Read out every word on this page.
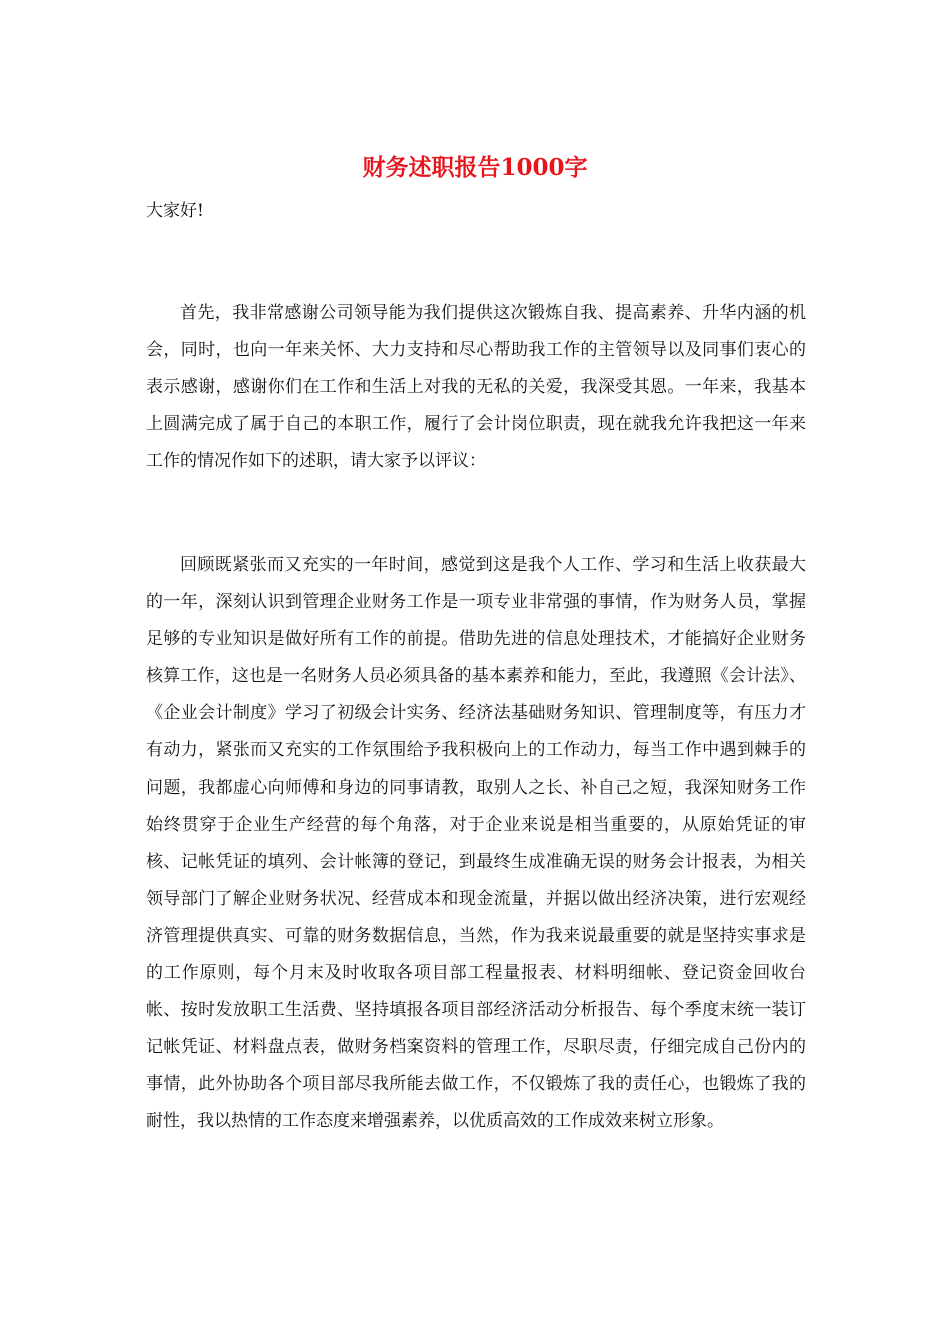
财务述职报告1000字

大家好!

首先，我非常感谢公司领导能为我们提供这次锻炼自我、提高素养、升华内涵的机会，同时，也向一年来关怀、大力支持和尽心帮助我工作的主管领导以及同事们衷心的表示感谢，感谢你们在工作和生活上对我的无私的关爱，我深受其恩。一年来，我基本上圆满完成了属于自己的本职工作，履行了会计岗位职责，现在就我允许我把这一年来工作的情况作如下的述职，请大家予以评议：

回顾既紧张而又充实的一年时间，感觉到这是我个人工作、学习和生活上收获最大的一年，深刻认识到管理企业财务工作是一项专业非常强的事情，作为财务人员，掌握足够的专业知识是做好所有工作的前提。借助先进的信息处理技术，才能搞好企业财务核算工作，这也是一名财务人员必须具备的基本素养和能力，至此，我遵照《会计法》、《企业会计制度》学习了初级会计实务、经济法基础财务知识、管理制度等，有压力才有动力，紧张而又充实的工作氛围给予我积极向上的工作动力，每当工作中遇到棘手的问题，我都虚心向师傅和身边的同事请教，取别人之长、补自己之短，我深知财务工作始终贯穿于企业生产经营的每个角落，对于企业来说是相当重要的，从原始凭证的审核、记帐凭证的填列、会计帐簿的登记，到最终生成准确无误的财务会计报表，为相关领导部门了解企业财务状况、经营成本和现金流量，并据以做出经济决策，进行宏观经济管理提供真实、可靠的财务数据信息，当然，作为我来说最重要的就是坚持实事求是的工作原则，每个月末及时收取各项目部工程量报表、材料明细帐、登记资金回收台帐、按时发放职工生活费、坚持填报各项目部经济活动分析报告、每个季度末统一装订记帐凭证、材料盘点表，做财务档案资料的管理工作，尽职尽责，仔细完成自己份内的事情，此外协助各个项目部尽我所能去做工作，不仅锻炼了我的责任心，也锻炼了我的耐性，我以热情的工作态度来增强素养，以优质高效的工作成效来树立形象。
